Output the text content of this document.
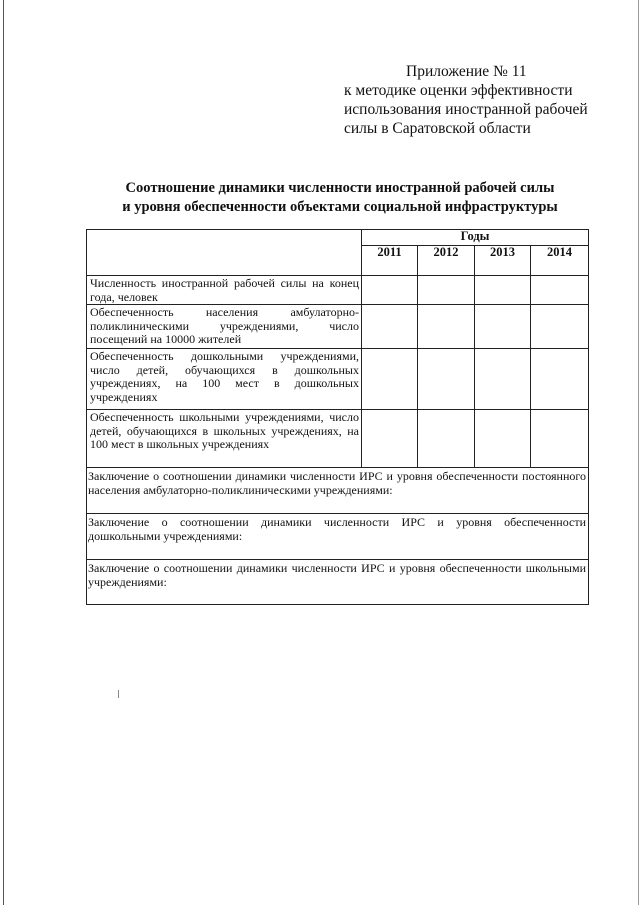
Приложение № 11
к методике оценки эффективности
использования иностранной рабочей
силы в Саратовской области
Соотношение динамики численности иностранной рабочей силы
и уровня обеспеченности объектами социальной инфраструктуры
	Годы			
	2011	2012	2013	2014
Численность иностранной рабочей силы на конец года, человек				
Обеспеченность населения амбулаторно-поликлиническими учреждениями, число посещений на 10000 жителей				
Обеспеченность дошкольными учреждениями, число детей, обучающихся в дошкольных учреждениях, на 100 мест в дошкольных учреждениях				
Обеспеченность школьными учреждениями, число детей, обучающихся в школьных учреждениях, на 100 мест в школьных учреждениях				
Заключение о соотношении динамики численности ИРС и уровня обеспеченности постоянного населения амбулаторно-поликлиническими учреждениями:				
Заключение о соотношении динамики численности ИРС и уровня обеспеченности дошкольными учреждениями:				
Заключение о соотношении динамики численности ИРС и уровня обеспеченности школьными учреждениями:				
